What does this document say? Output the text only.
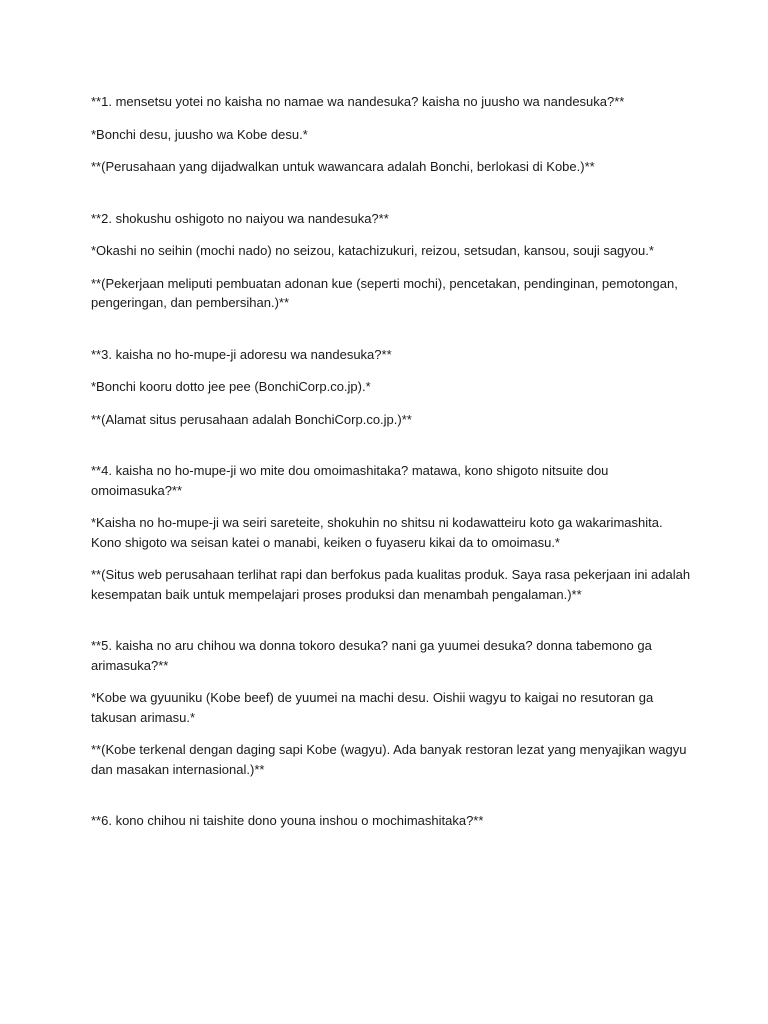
**1. mensetsu yotei no kaisha no namae wa nandesuka? kaisha no juusho wa nandesuka?**

*Bonchi desu, juusho wa Kobe desu.*

**(Perusahaan yang dijadwalkan untuk wawancara adalah Bonchi, berlokasi di Kobe.)**

**2. shokushu oshigoto no naiyou wa nandesuka?**

*Okashi no seihin (mochi nado) no seizou, katachizukuri, reizou, setsudan, kansou, souji sagyou.*

**(Pekerjaan meliputi pembuatan adonan kue (seperti mochi), pencetakan, pendinginan, pemotongan, pengeringan, dan pembersihan.)**

**3. kaisha no ho-mupe-ji adoresu wa nandesuka?**

*Bonchi kooru dotto jee pee (BonchiCorp.co.jp).*

**(Alamat situs perusahaan adalah BonchiCorp.co.jp.)**

**4. kaisha no ho-mupe-ji wo mite dou omoimashitaka? matawa, kono shigoto nitsuite dou omoimasuka?**

*Kaisha no ho-mupe-ji wa seiri sareteite, shokuhin no shitsu ni kodawatteiru koto ga wakarimashita. Kono shigoto wa seisan katei o manabi, keiken o fuyaseru kikai da to omoimasu.*

**(Situs web perusahaan terlihat rapi dan berfokus pada kualitas produk. Saya rasa pekerjaan ini adalah kesempatan baik untuk mempelajari proses produksi dan menambah pengalaman.)**

**5. kaisha no aru chihou wa donna tokoro desuka? nani ga yuumei desuka? donna tabemono ga arimasuka?**

*Kobe wa gyuuniku (Kobe beef) de yuumei na machi desu. Oishii wagyu to kaigai no resutoran ga takusan arimasu.*

**(Kobe terkenal dengan daging sapi Kobe (wagyu). Ada banyak restoran lezat yang menyajikan wagyu dan masakan internasional.)**

**6. kono chihou ni taishite dono youna inshou o mochimashitaka?**
